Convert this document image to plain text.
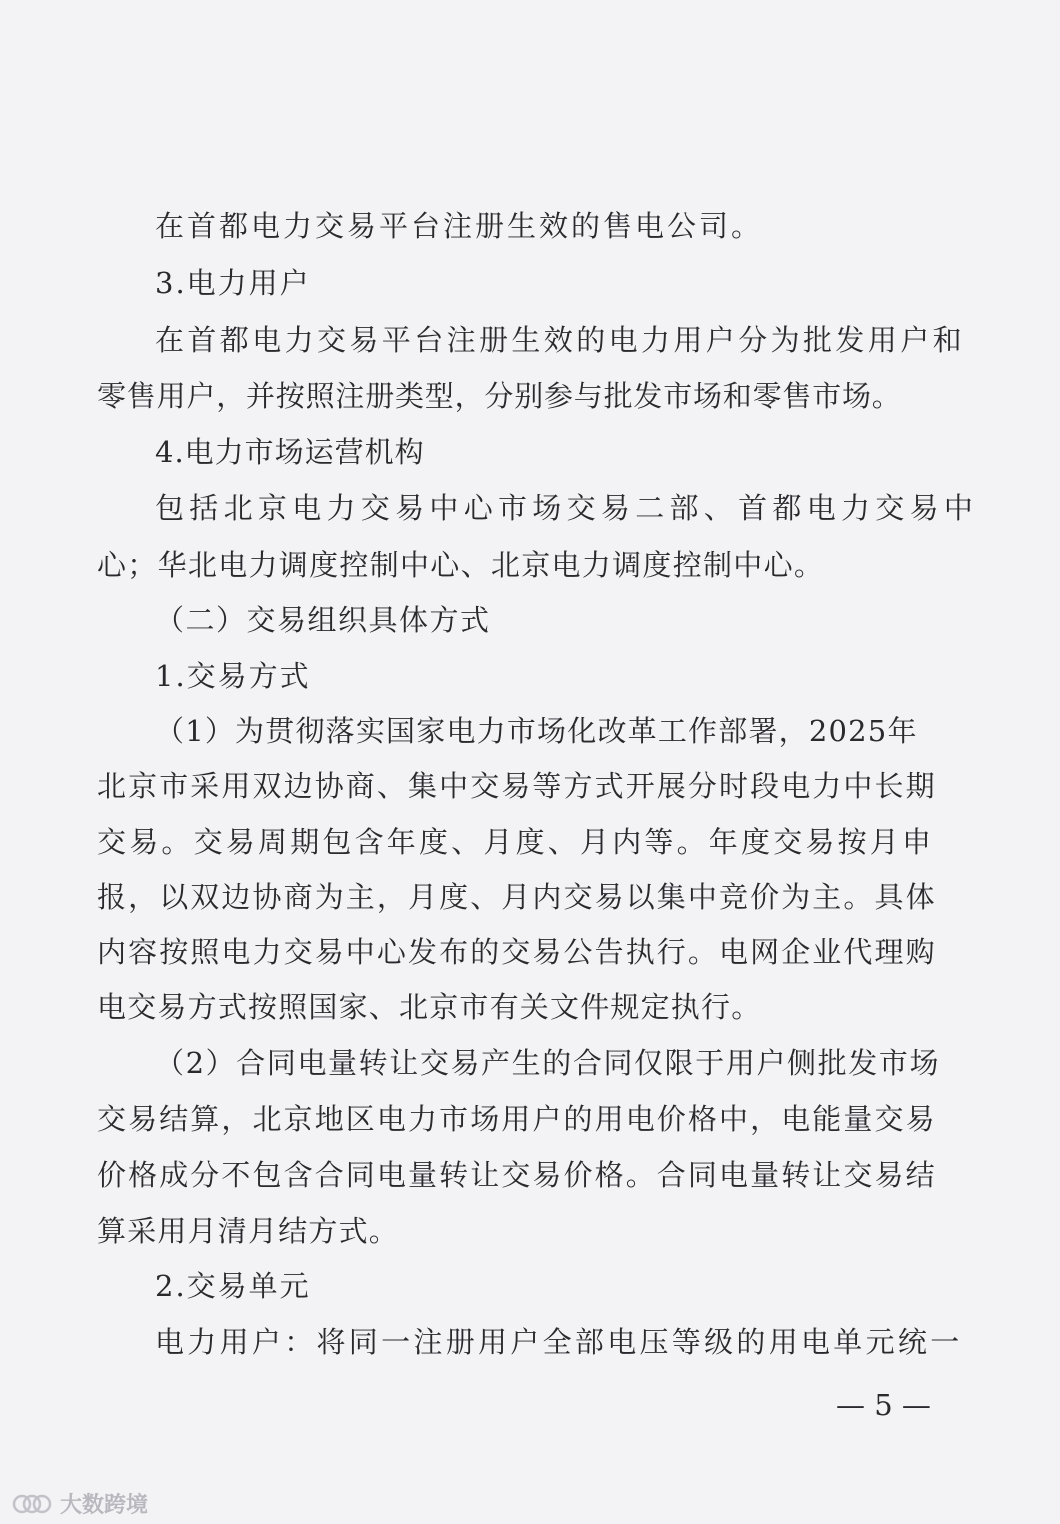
在首都电力交易平台注册生效的售电公司。
3.电力用户
在首都电力交易平台注册生效的电力用户分为批发用户和
零售用户，并按照注册类型，分别参与批发市场和零售市场。
4.电力市场运营机构
包括北京电力交易中心市场交易二部、首都电力交易中
心；华北电力调度控制中心、北京电力调度控制中心。
（二）交易组织具体方式
1.交易方式
（1）为贯彻落实国家电力市场化改革工作部署，2025年
北京市采用双边协商、集中交易等方式开展分时段电力中长期
交易。交易周期包含年度、月度、月内等。年度交易按月申
报，以双边协商为主，月度、月内交易以集中竞价为主。具体
内容按照电力交易中心发布的交易公告执行。电网企业代理购
电交易方式按照国家、北京市有关文件规定执行。
（2）合同电量转让交易产生的合同仅限于用户侧批发市场
交易结算，北京地区电力市场用户的用电价格中，电能量交易
价格成分不包含合同电量转让交易价格。合同电量转让交易结
算采用月清月结方式。
2.交易单元
电力用户：将同一注册用户全部电压等级的用电单元统一
— 5 —
大数跨境
